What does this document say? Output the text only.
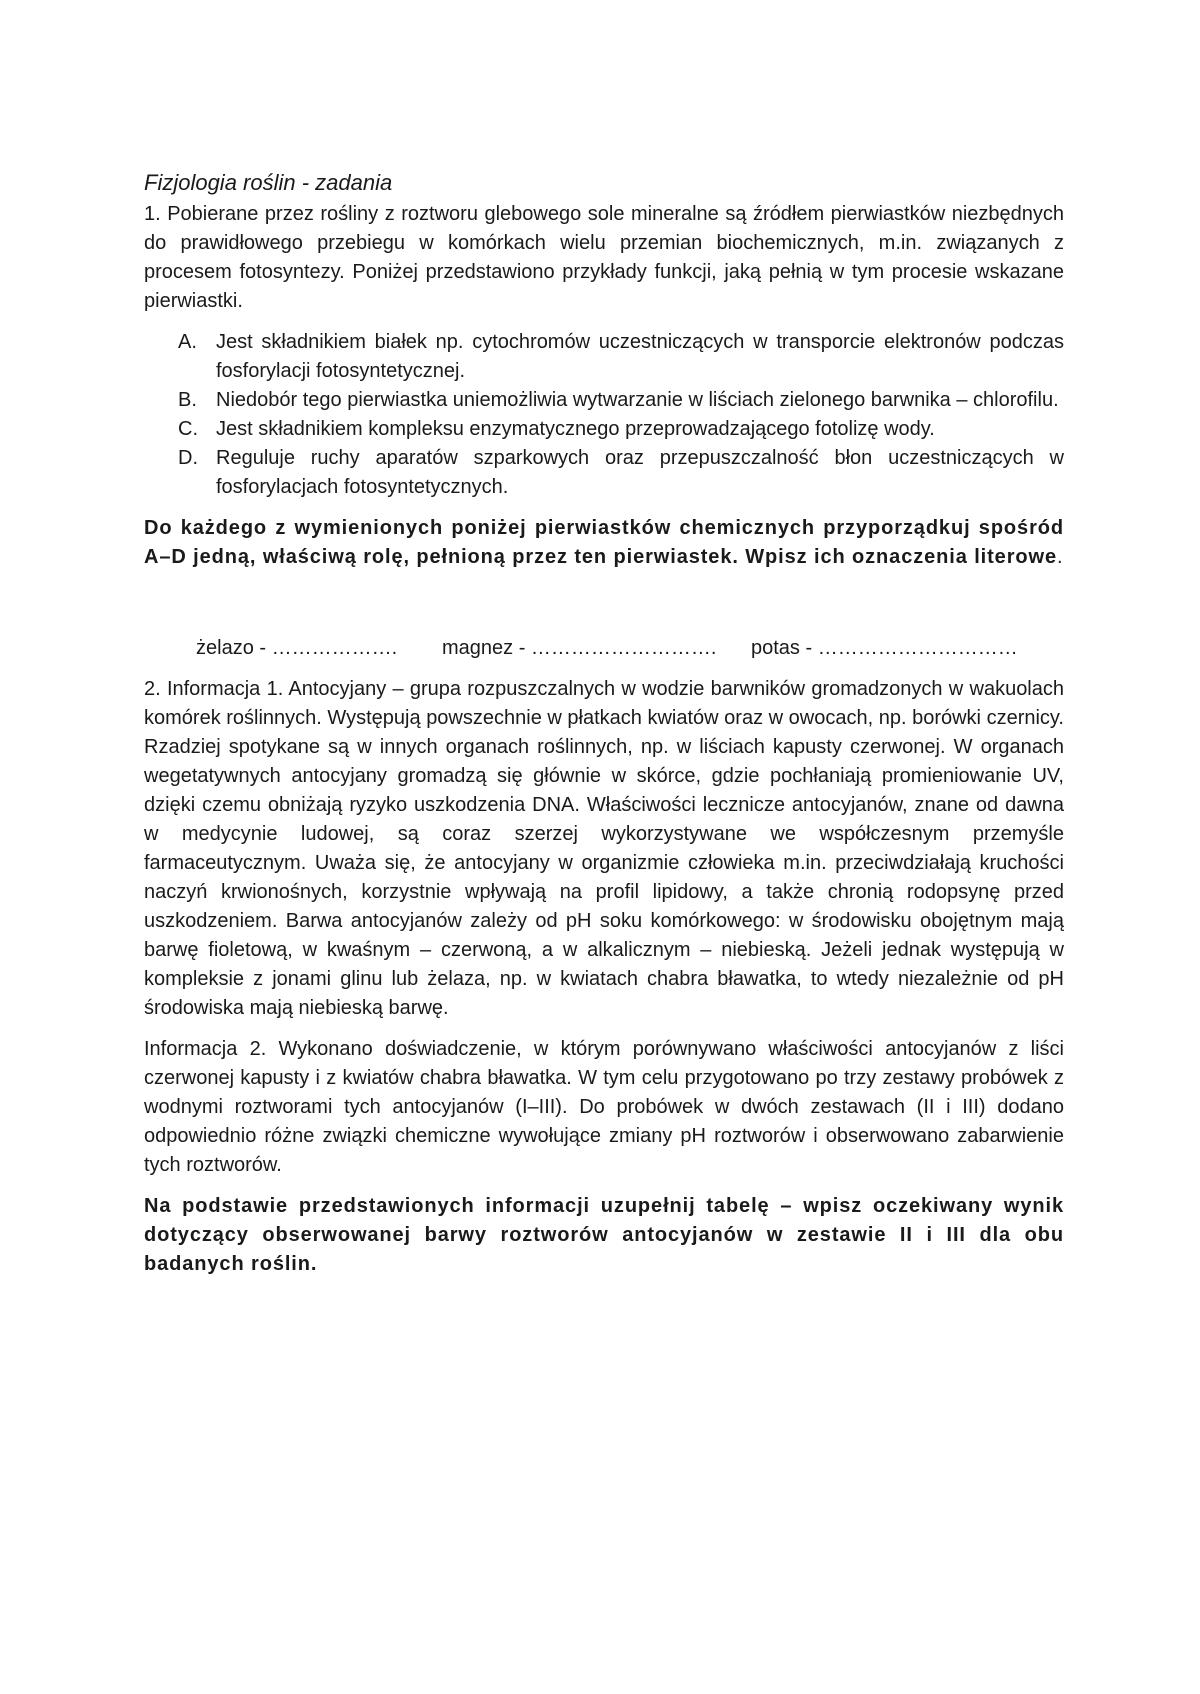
Fizjologia roślin - zadania

1. Pobierane przez rośliny z roztworu glebowego sole mineralne są źródłem pierwiastków niezbędnych do prawidłowego przebiegu w komórkach wielu przemian biochemicznych, m.in. związanych z procesem fotosyntezy. Poniżej przedstawiono przykłady funkcji, jaką pełnią w tym procesie wskazane pierwiastki.

A. Jest składnikiem białek np. cytochromów uczestniczących w transporcie elektronów podczas fosforylacji fotosyntetycznej.
B. Niedobór tego pierwiastka uniemożliwia wytwarzanie w liściach zielonego barwnika – chlorofilu.
C. Jest składnikiem kompleksu enzymatycznego przeprowadzającego fotolizę wody.
D. Reguluje ruchy aparatów szparkowych oraz przepuszczalność błon uczestniczących w fosforylacjach fotosyntetycznych.

Do każdego z wymienionych poniżej pierwiastków chemicznych przyporządkuj spośród A–D jedną, właściwą rolę, pełnioną przez ten pierwiastek. Wpisz ich oznaczenia literowe.

żelazo - ……………….	magnez - ……………………….	potas - …………………………

2. Informacja 1. Antocyjany – grupa rozpuszczalnych w wodzie barwników gromadzonych w wakuolach komórek roślinnych. Występują powszechnie w płatkach kwiatów oraz w owocach, np. borówki czernicy. Rzadziej spotykane są w innych organach roślinnych, np. w liściach kapusty czerwonej. W organach wegetatywnych antocyjany gromadzą się głównie w skórce, gdzie pochłaniają promieniowanie UV, dzięki czemu obniżają ryzyko uszkodzenia DNA. Właściwości lecznicze antocyjanów, znane od dawna w medycynie ludowej, są coraz szerzej wykorzystywane we współczesnym przemyśle farmaceutycznym. Uważa się, że antocyjany w organizmie człowieka m.in. przeciwdziałają kruchości naczyń krwionośnych, korzystnie wpływają na profil lipidowy, a także chronią rodopsynę przed uszkodzeniem. Barwa antocyjanów zależy od pH soku komórkowego: w środowisku obojętnym mają barwę fioletową, w kwaśnym – czerwoną, a w alkalicznym – niebieską. Jeżeli jednak występują w kompleksie z jonami glinu lub żelaza, np. w kwiatach chabra bławatka, to wtedy niezależnie od pH środowiska mają niebieską barwę.

Informacja 2. Wykonano doświadczenie, w którym porównywano właściwości antocyjanów z liści czerwonej kapusty i z kwiatów chabra bławatka. W tym celu przygotowano po trzy zestawy probówek z wodnymi roztworami tych antocyjanów (I–III). Do probówek w dwóch zestawach (II i III) dodano odpowiednio różne związki chemiczne wywołujące zmiany pH roztworów i obserwowano zabarwienie tych roztworów.

Na podstawie przedstawionych informacji uzupełnij tabelę – wpisz oczekiwany wynik dotyczący obserwowanej barwy roztworów antocyjanów w zestawie II i III dla obu badanych roślin.
